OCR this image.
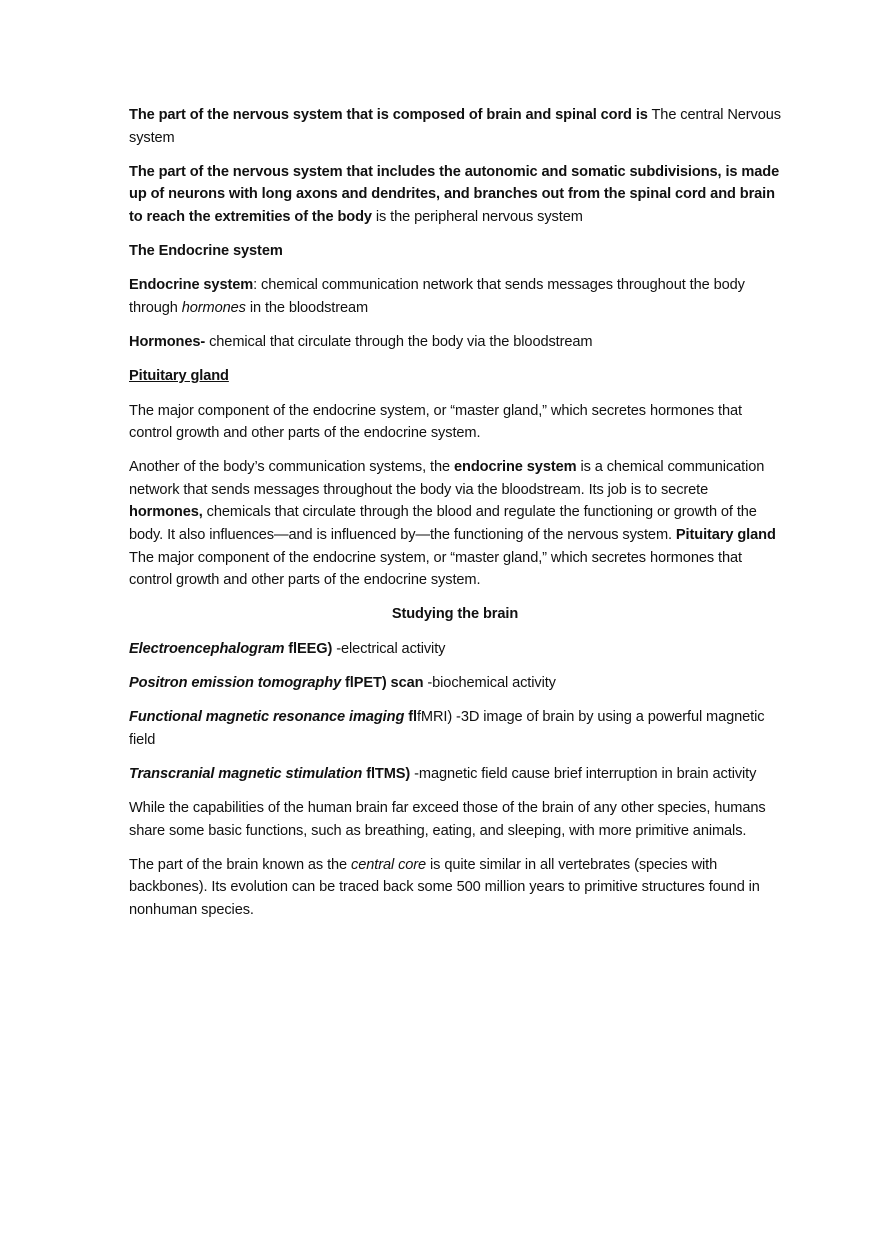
The part of the nervous system that is composed of brain and spinal cord is The central Nervous system

The part of the nervous system that includes the autonomic and somatic subdivisions, is made up of neurons with long axons and dendrites, and branches out from the spinal cord and brain to reach the extremities of the body is the peripheral nervous system

The Endocrine system

Endocrine system: chemical communication network that sends messages throughout the body through hormones in the bloodstream

Hormones- chemical that circulate through the body via the bloodstream

Pituitary gland

The major component of the endocrine system, or “master gland,” which secretes hormones that control growth and other parts of the endocrine system.

Another of the body’s communication systems, the endocrine system is a chemical communication network that sends messages throughout the body via the bloodstream. Its job is to secrete hormones, chemicals that circulate through the blood and regulate the functioning or growth of the body. It also influences—and is influenced by—the functioning of the nervous system. Pituitary gland The major component of the endocrine system, or “master gland,” which secretes hormones that control growth and other parts of the endocrine system.

Studying the brain

Electroencephalogram flEEG) -electrical activity

Positron emission tomography flPET) scan -biochemical activity

Functional magnetic resonance imaging flfMRI) -3D image of brain by using a powerful magnetic field

Transcranial magnetic stimulation flTMS) -magnetic field cause brief interruption in brain activity

While the capabilities of the human brain far exceed those of the brain of any other species, humans share some basic functions, such as breathing, eating, and sleeping, with more primitive animals.

The part of the brain known as the central core is quite similar in all vertebrates (species with backbones). Its evolution can be traced back some 500 million years to primitive structures found in nonhuman species.
